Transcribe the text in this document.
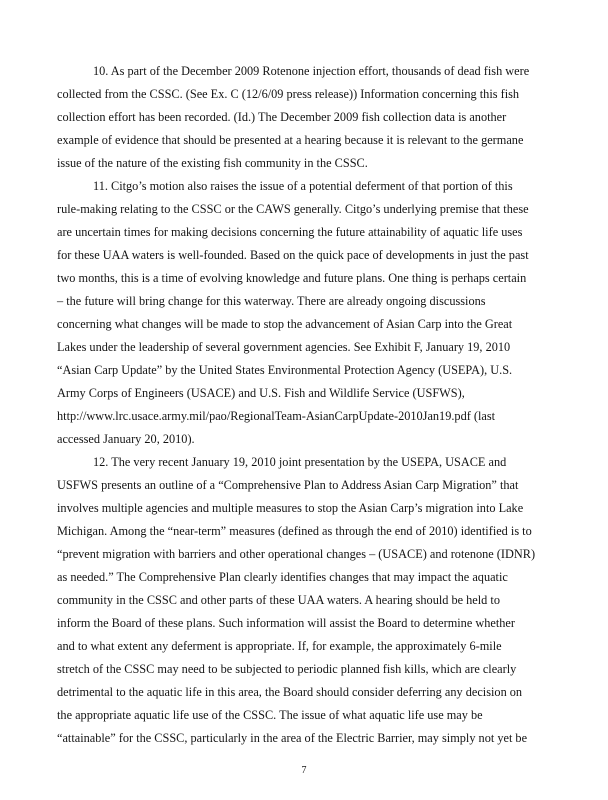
10. As part of the December 2009 Rotenone injection effort, thousands of dead fish were
collected from the CSSC. (See Ex. C (12/6/09 press release)) Information concerning this fish
collection effort has been recorded. (Id.) The December 2009 fish collection data is another
example of evidence that should be presented at a hearing because it is relevant to the germane
issue of the nature of the existing fish community in the CSSC.
11. Citgo’s motion also raises the issue of a potential deferment of that portion of this
rule-making relating to the CSSC or the CAWS generally. Citgo’s underlying premise that these
are uncertain times for making decisions concerning the future attainability of aquatic life uses
for these UAA waters is well-founded. Based on the quick pace of developments in just the past
two months, this is a time of evolving knowledge and future plans. One thing is perhaps certain
– the future will bring change for this waterway. There are already ongoing discussions
concerning what changes will be made to stop the advancement of Asian Carp into the Great
Lakes under the leadership of several government agencies. See Exhibit F, January 19, 2010
“Asian Carp Update” by the United States Environmental Protection Agency (USEPA), U.S.
Army Corps of Engineers (USACE) and U.S. Fish and Wildlife Service (USFWS),
http://www.lrc.usace.army.mil/pao/RegionalTeam-AsianCarpUpdate-2010Jan19.pdf (last
accessed January 20, 2010).
12. The very recent January 19, 2010 joint presentation by the USEPA, USACE and
USFWS presents an outline of a “Comprehensive Plan to Address Asian Carp Migration” that
involves multiple agencies and multiple measures to stop the Asian Carp’s migration into Lake
Michigan. Among the “near-term” measures (defined as through the end of 2010) identified is to
“prevent migration with barriers and other operational changes – (USACE) and rotenone (IDNR)
as needed.” The Comprehensive Plan clearly identifies changes that may impact the aquatic
community in the CSSC and other parts of these UAA waters. A hearing should be held to
inform the Board of these plans. Such information will assist the Board to determine whether
and to what extent any deferment is appropriate. If, for example, the approximately 6-mile
stretch of the CSSC may need to be subjected to periodic planned fish kills, which are clearly
detrimental to the aquatic life in this area, the Board should consider deferring any decision on
the appropriate aquatic life use of the CSSC. The issue of what aquatic life use may be
“attainable” for the CSSC, particularly in the area of the Electric Barrier, may simply not yet be
7
